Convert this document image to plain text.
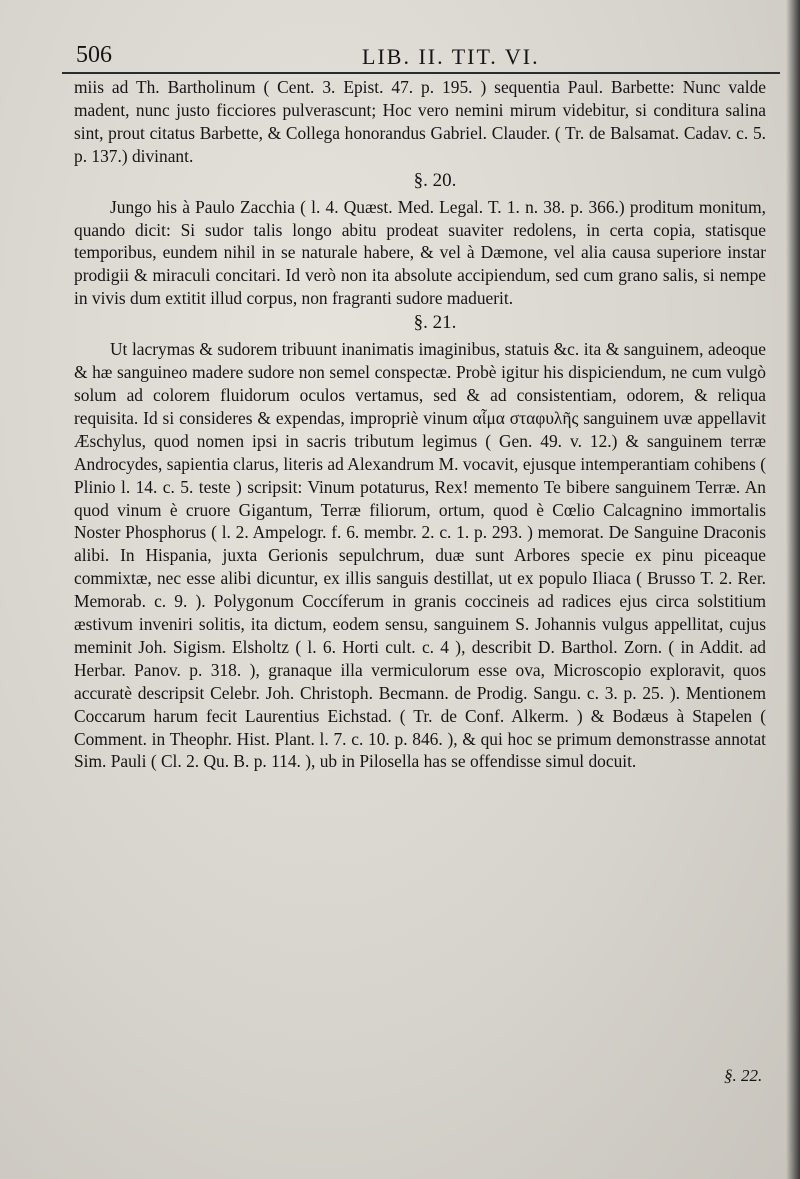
506	LIB. II. TIT. VI.

miis ad Th. Bartholinum ( Cent. 3. Epist. 47. p. 195. ) sequentia Paul. Barbette: Nunc valde madent, nunc justo ficciores pulverascunt; Hoc vero nemini mirum videbitur, si conditura salina sint, prout citatus Barbette, & Collega honorandus Gabriel. Clauder. ( Tr. de Balsamat. Cadav. c. 5. p. 137.) divinant.

§. 20.

Jungo his à Paulo Zacchia ( l. 4. Quæst. Med. Legal. T. 1. n. 38. p. 366.) proditum monitum, quando dicit: Si sudor talis longo abitu prodeat suaviter redolens, in certa copia, statisque temporibus, eundem nihil in se naturale habere, & vel à Dæmone, vel alia causa superiore instar prodigii & miraculi concitari. Id verò non ita absolute accipiendum, sed cum grano salis, si nempe in vivis dum extitit illud corpus, non fragranti sudore maduerit.

§. 21.

Ut lacrymas & sudorem tribuunt inanimatis imaginibus, statuis &c. ita & sanguinem, adeoque & hæ sanguineo madere sudore non semel conspectæ. Probè igitur his dispiciendum, ne cum vulgò solum ad colorem fluidorum oculos vertamus, sed & ad consistentiam, odorem, & reliqua requisita. Id si consideres & expendas, impropriè vinum αἷμα σταφυλῆς sanguinem uvæ appellavit Æschylus, quod nomen ipsi in sacris tributum legimus ( Gen. 49. v. 12.) & sanguinem terræ Androcydes, sapientia clarus, literis ad Alexandrum M. vocavit, ejusque intemperantiam cohibens ( Plinio l. 14. c. 5. teste ) scripsit: Vinum potaturus, Rex! memento Te bibere sanguinem Terræ. An quod vinum è cruore Gigantum, Terræ filiorum, ortum, quod è Cœlio Calcagnino immortalis Noster Phosphorus ( l. 2. Ampelogr. f. 6. membr. 2. c. 1. p. 293. ) memorat. De Sanguine Draconis alibi. In Hispania, juxta Gerionis sepulchrum, duæ sunt Arbores specie ex pinu piceaque commixtæ, nec esse alibi dicuntur, ex illis sanguis destillat, ut ex populo Iliaca ( Brusso T. 2. Rer. Memorab. c. 9. ). Polygonum Coccíferum in granis coccineis ad radices ejus circa solstitium æstivum inveniri solitis, ita dictum, eodem sensu, sanguinem S. Johannis vulgus appellitat, cujus meminit Joh. Sigism. Elsholtz ( l. 6. Horti cult. c. 4 ), describit D. Barthol. Zorn. ( in Addit. ad Herbar. Panov. p. 318. ), granaque illa vermiculorum esse ova, Microscopio exploravit, quos accuratè descripsit Celebr. Joh. Christoph. Becmann. de Prodig. Sangu. c. 3. p. 25. ). Mentionem Coccarum harum fecit Laurentius Eichstad. ( Tr. de Conf. Alkerm. ) & Bodæus à Stapelen ( Comment. in Theophr. Hist. Plant. l. 7. c. 10. p. 846. ), & qui hoc se primum demonstrasse annotat Sim. Pauli ( Cl. 2. Qu. B. p. 114. ), ub in Pilosella has se offendisse simul docuit.

§. 22.
